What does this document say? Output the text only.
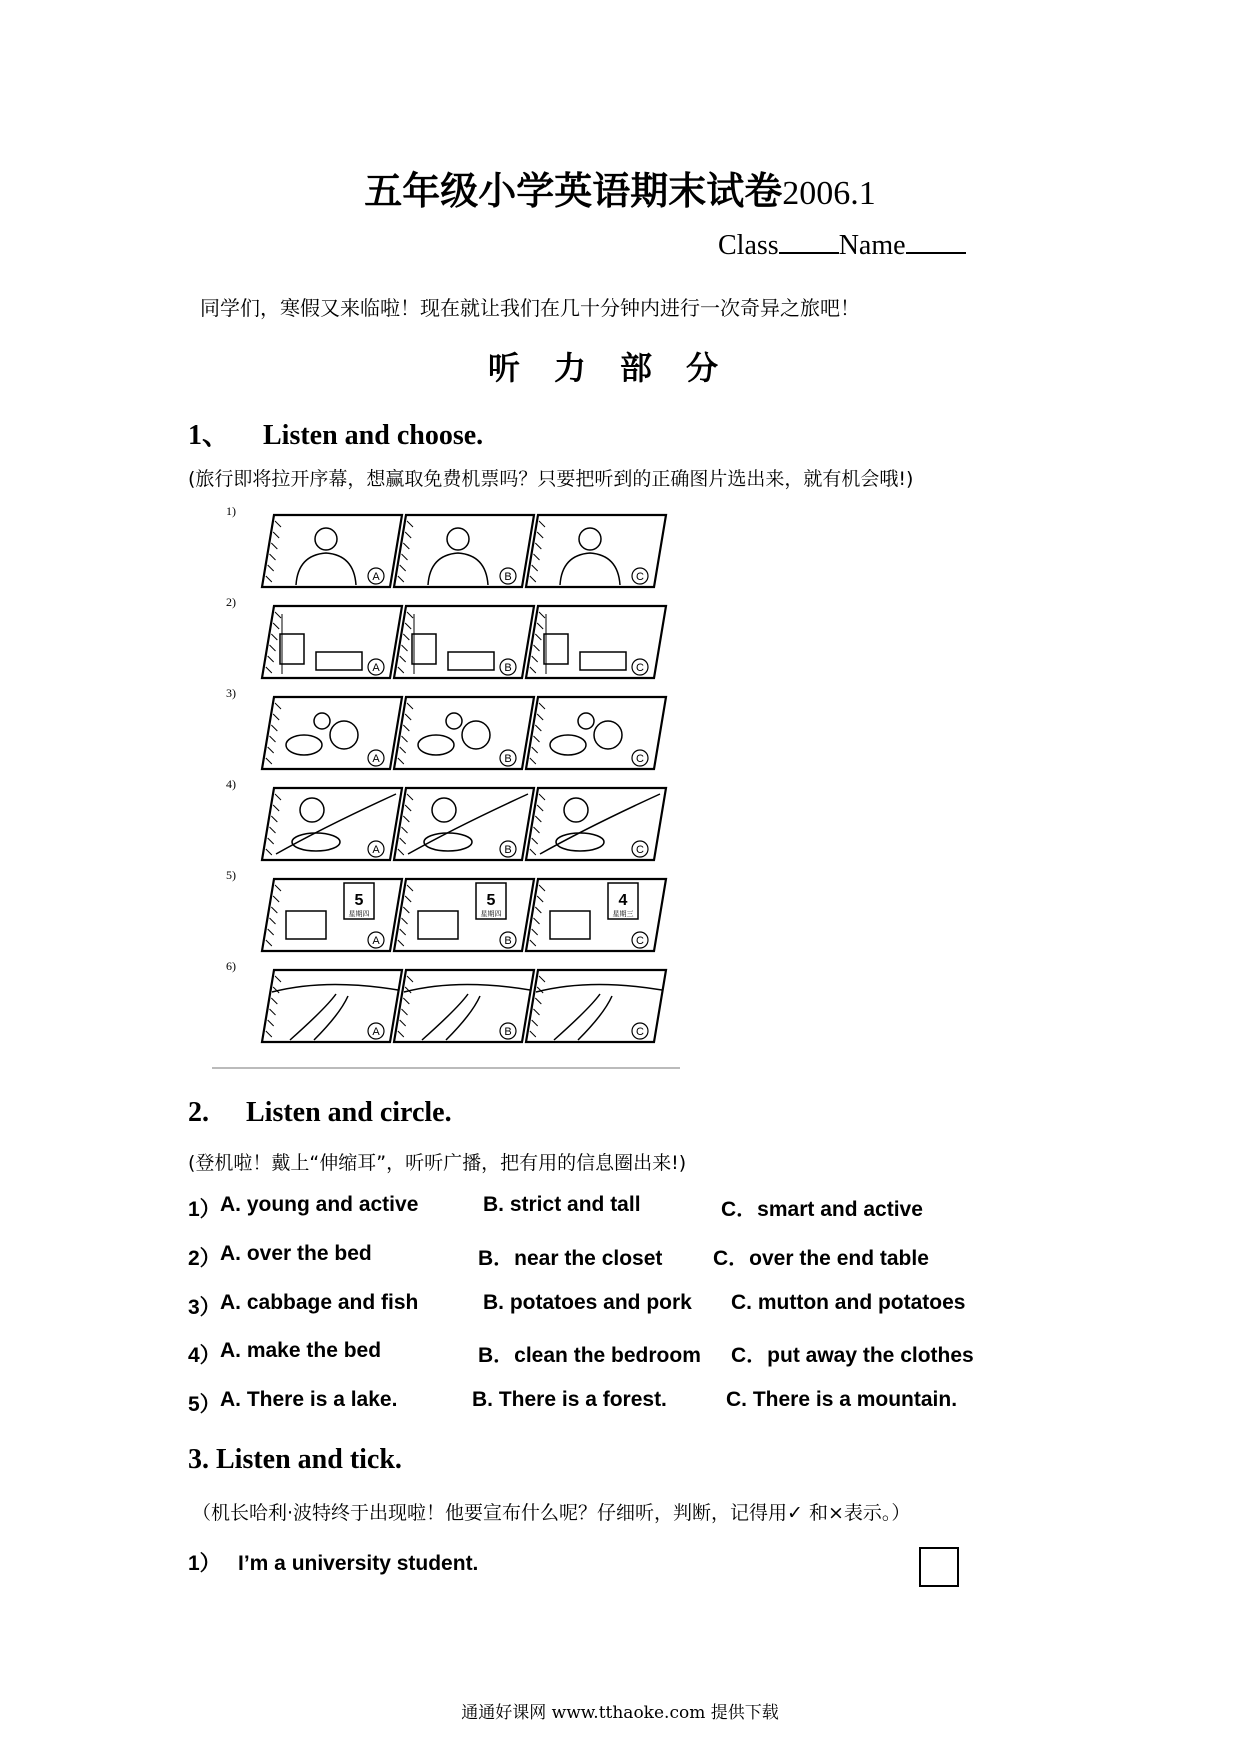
五年级小学英语期末试卷2006.1
Class Name
同学们，寒假又来临啦！现在就让我们在几十分钟内进行一次奇异之旅吧！
听力部分
1、 Listen and choose.
(旅行即将拉开序幕，想赢取免费机票吗？只要把听到的正确图片选出来，就有机会哦!)
1)
A	B	C
2)
A	B	C
3)
A	B	C
4)
A	B	C
5)
5
星期四
A
5
星期四
B
4
星期三
C
6)
A	B	C
2. Listen and circle.
(登机啦！戴上“伸缩耳”，听听广播，把有用的信息圈出来!)
1） A. young and active	B. strict and tall	C．smart and active
2） A. over the bed	B．near the closet C．over the end table
3） A. cabbage and fish	B. potatoes and pork C. mutton and potatoes
4） A. make the bed	B．clean the bedroom C．put away the clothes
5） A. There is a lake.	B. There is a forest.	C. There is a mountain.
3. Listen and tick.
（机长哈利·波特终于出现啦！他要宣布什么呢？仔细听，判断，记得用✓ 和×表示。）
1） I’m a university student.
通通好课网 www.tthaoke.com 提供下载
